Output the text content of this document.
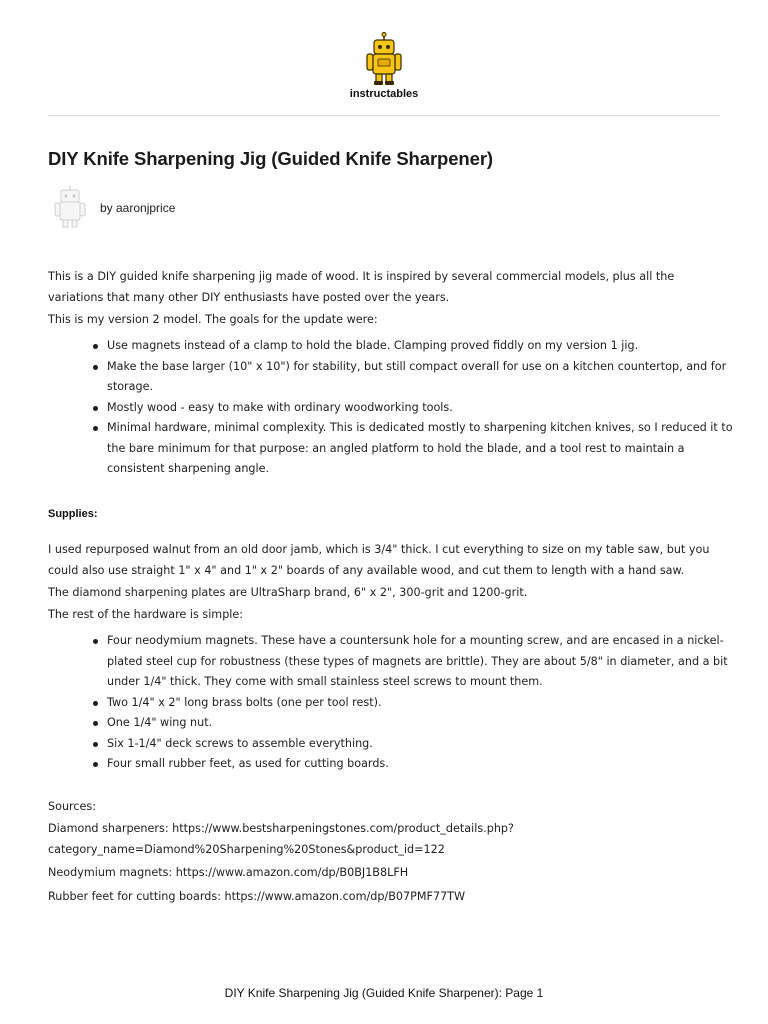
instructables
DIY Knife Sharpening Jig (Guided Knife Sharpener)

by aaronjprice

This is a DIY guided knife sharpening jig made of wood. It is inspired by several commercial models, plus all the variations that many other DIY enthusiasts have posted over the years.

This is my version 2 model. The goals for the update were:

Use magnets instead of a clamp to hold the blade. Clamping proved fiddly on my version 1 jig.
Make the base larger (10" x 10") for stability, but still compact overall for use on a kitchen countertop, and for storage.
Mostly wood - easy to make with ordinary woodworking tools.
Minimal hardware, minimal complexity. This is dedicated mostly to sharpening kitchen knives, so I reduced it to the bare minimum for that purpose: an angled platform to hold the blade, and a tool rest to maintain a consistent sharpening angle.

Supplies:

I used repurposed walnut from an old door jamb, which is 3/4" thick. I cut everything to size on my table saw, but you could also use straight 1" x 4" and 1" x 2" boards of any available wood, and cut them to length with a hand saw.

The diamond sharpening plates are UltraSharp brand, 6" x 2", 300-grit and 1200-grit.

The rest of the hardware is simple:

Four neodymium magnets. These have a countersunk hole for a mounting screw, and are encased in a nickel-plated steel cup for robustness (these types of magnets are brittle). They are about 5/8" in diameter, and a bit under 1/4" thick. They come with small stainless steel screws to mount them.
Two 1/4" x 2" long brass bolts (one per tool rest).
One 1/4" wing nut.
Six 1-1/4" deck screws to assemble everything.
Four small rubber feet, as used for cutting boards.

Sources:

Diamond sharpeners: https://www.bestsharpeningstones.com/product_details.php?
category_name=Diamond%20Sharpening%20Stones&product_id=122

Neodymium magnets: https://www.amazon.com/dp/B0BJ1B8LFH

Rubber feet for cutting boards: https://www.amazon.com/dp/B07PMF77TW

DIY Knife Sharpening Jig (Guided Knife Sharpener): Page 1
